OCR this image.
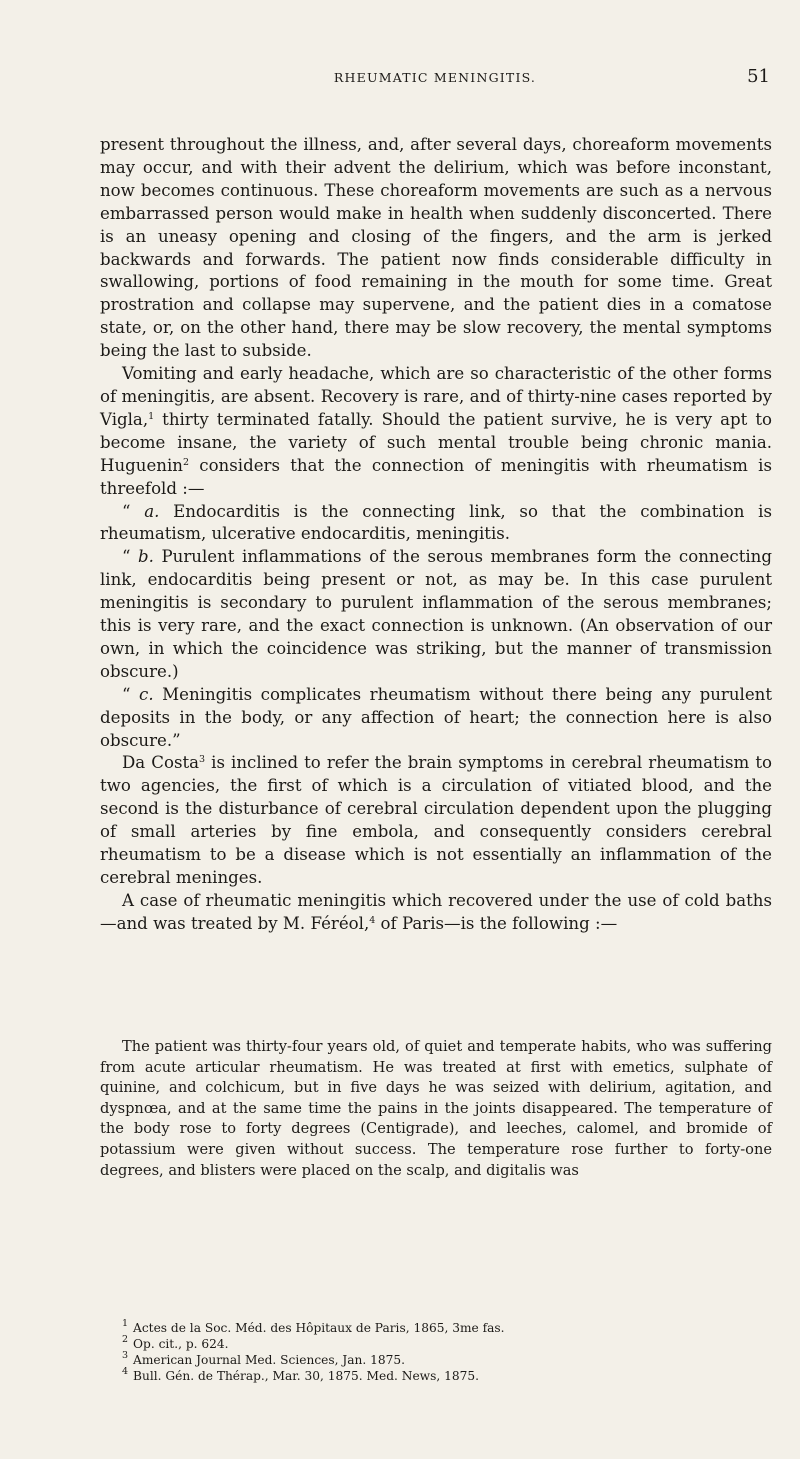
RHEUMATIC MENINGITIS.	51

present throughout the illness, and, after several days, choreaform movements may occur, and with their advent the delirium, which was before inconstant, now becomes continuous. These choreaform movements are such as a nervous embarrassed person would make in health when suddenly disconcerted. There is an uneasy opening and closing of the fingers, and the arm is jerked backwards and forwards. The patient now finds considerable difficulty in swallowing, portions of food remaining in the mouth for some time. Great prostration and collapse may supervene, and the patient dies in a comatose state, or, on the other hand, there may be slow recovery, the mental symptoms being the last to subside.

Vomiting and early headache, which are so characteristic of the other forms of meningitis, are absent. Recovery is rare, and of thirty-nine cases reported by Vigla,$^1$ thirty terminated fatally. Should the patient survive, he is very apt to become insane, the variety of such mental trouble being chronic mania. Huguenin$^2$ considers that the connection of meningitis with rheumatism is threefold :—

“ a. Endocarditis is the connecting link, so that the combination is rheumatism, ulcerative endocarditis, meningitis.

“ b. Purulent inflammations of the serous membranes form the connecting link, endocarditis being present or not, as may be. In this case purulent meningitis is secondary to purulent inflammation of the serous membranes; this is very rare, and the exact connection is unknown. (An observation of our own, in which the coincidence was striking, but the manner of transmission obscure.)

“ c. Meningitis complicates rheumatism without there being any purulent deposits in the body, or any affection of heart; the connection here is also obscure.”

Da Costa$^3$ is inclined to refer the brain symptoms in cerebral rheumatism to two agencies, the first of which is a circulation of vitiated blood, and the second is the disturbance of cerebral circulation dependent upon the plugging of small arteries by fine embola, and consequently considers cerebral rheumatism to be a disease which is not essentially an inflammation of the cerebral meninges.

A case of rheumatic meningitis which recovered under the use of cold baths—and was treated by M. Féréol,$^4$ of Paris—is the following :—

The patient was thirty-four years old, of quiet and temperate habits, who was suffering from acute articular rheumatism. He was treated at first with emetics, sulphate of quinine, and colchicum, but in five days he was seized with delirium, agitation, and dyspnœa, and at the same time the pains in the joints disappeared. The temperature of the body rose to forty degrees (Centigrade), and leeches, calomel, and bromide of potassium were given without success. The temperature rose further to forty-one degrees, and blisters were placed on the scalp, and digitalis was

$^1$ Actes de la Soc. Méd. des Hôpitaux de Paris, 1865, 3me fas.
$^2$ Op. cit., p. 624.
$^3$ American Journal Med. Sciences, Jan. 1875.
$^4$ Bull. Gén. de Thérap., Mar. 30, 1875. Med. News, 1875.
